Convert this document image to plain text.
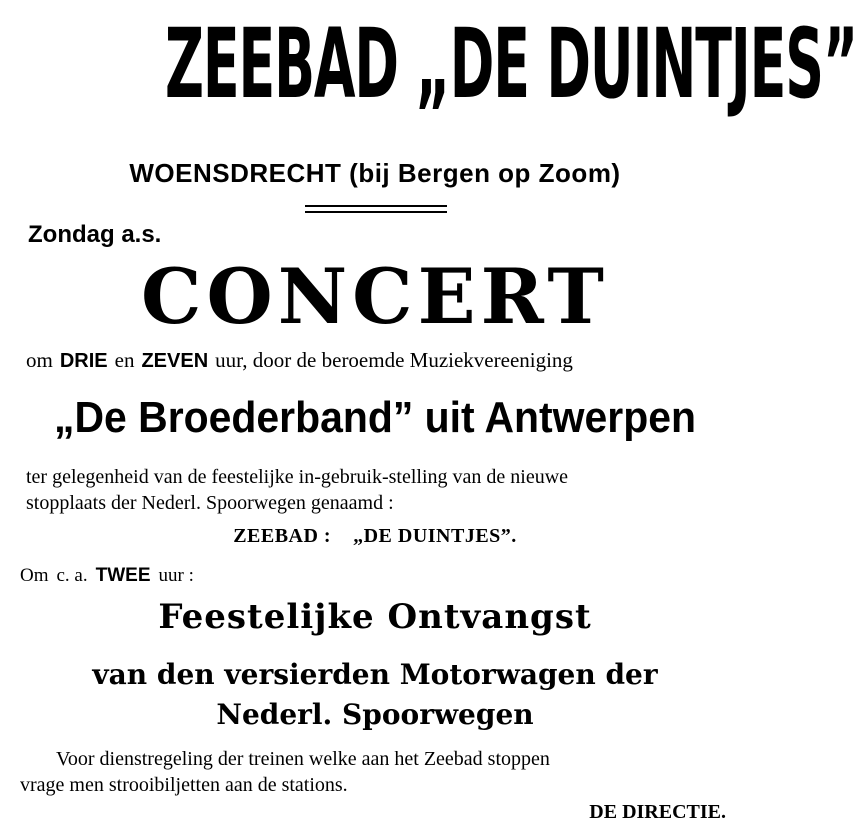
ZEEBAD „DE DUINTJES”
WOENSDRECHT (bij Bergen op Zoom)
Zondag a.s.
CONCERT
om DRIE en ZEVEN uur, door de beroemde Muziekvereeniging
„De Broederband” uit Antwerpen
ter gelegenheid van de feestelijke in-gebruik-stelling van de nieuwe
stopplaats der Nederl. Spoorwegen genaamd :
ZEEBAD : „DE DUINTJES”.
Om c. a. TWEE uur :
Feestelijke Ontvangst
van den versierden Motorwagen der
Nederl. Spoorwegen
Voor dienstregeling der treinen welke aan het Zeebad stoppen
vrage men strooibiljetten aan de stations.
DE DIRECTIE.
